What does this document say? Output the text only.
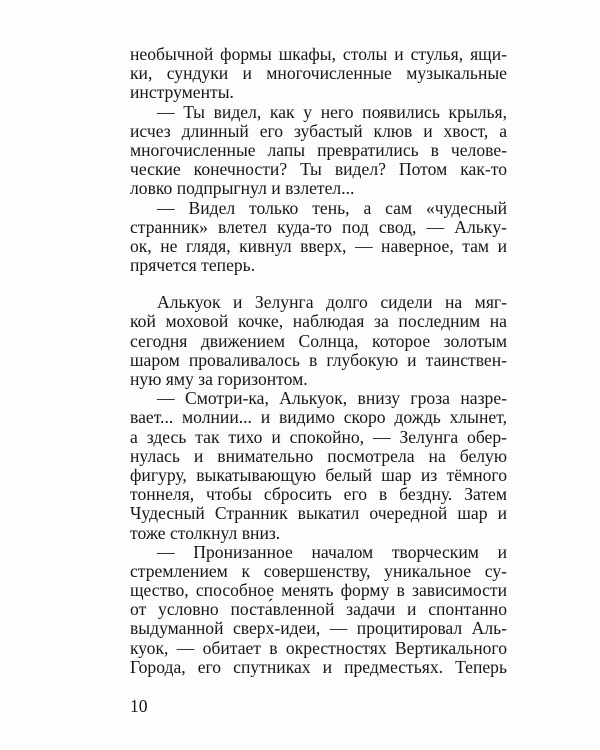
необычной формы шкафы, столы и стулья, ящи-
ки, сундуки и многочисленные музыкальные
инструменты.
— Ты видел, как у него появились крылья,
исчез длинный его зубастый клюв и хвост, а
многочисленные лапы превратились в челове-
ческие конечности? Ты видел? Потом как-то
ловко подпрыгнул и взлетел...
— Видел только тень, а сам «чудесный
странник» влетел куда-то под свод, — Алькy-
ок, не глядя, кивнул вверх, — наверное, там и
прячется теперь.
Алькуок и Зелунга долго сидели на мяг-
кой моховой кочке, наблюдая за последним на
сегодня движением Солнца, которое золотым
шаром проваливалось в глубокую и таинствен-
ную яму за горизонтом.
— Смотри-ка, Алькуок, внизу гроза назре-
вает... молнии... и видимо скоро дождь хлынет,
а здесь так тихо и спокойно, — Зелунга обер-
нулась и внимательно посмотрела на белую
фигуру, выкатывающую белый шар из тёмного
тоннеля, чтобы сбросить его в бездну. Затем
Чудесный Странник выкатил очередной шар и
тоже столкнул вниз.
— Пронизанное началом творческим и
стремлением к совершенству, уникальное су-
щество, способное менять форму в зависимости
от условно поста́вленной задачи и спонтанно
выдуманной сверх-идеи, — процитировал Аль-
куок, — обитает в окрестностях Вертикального
Города, его спутниках и предместьях. Теперь
10
